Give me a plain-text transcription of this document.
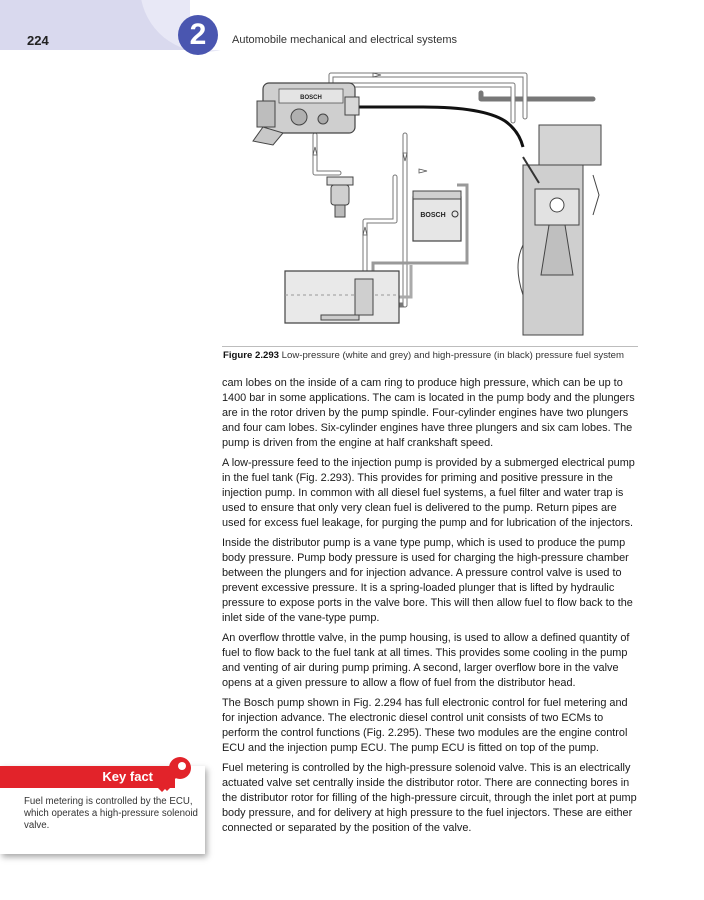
224	2	Automobile mechanical and electrical systems
BOSCH
BOSCH
Figure 2.293 Low-pressure (white and grey) and high-pressure (in black) pressure fuel system

cam lobes on the inside of a cam ring to produce high pressure, which can be up to 1400 bar in some applications. The cam is located in the pump body and the plungers are in the rotor driven by the pump spindle. Four-cylinder engines have two plungers and four cam lobes. Six-cylinder engines have three plungers and six cam lobes. The pump is driven from the engine at half crankshaft speed.

A low-pressure feed to the injection pump is provided by a submerged electrical pump in the fuel tank (Fig. 2.293). This provides for priming and positive pressure in the injection pump. In common with all diesel fuel systems, a fuel filter and water trap is used to ensure that only very clean fuel is delivered to the pump. Return pipes are used for excess fuel leakage, for purging the pump and for lubrication of the injectors.

Inside the distributor pump is a vane type pump, which is used to produce the pump body pressure. Pump body pressure is used for charging the high-pressure chamber between the plungers and for injection advance. A pressure control valve is used to prevent excessive pressure. It is a spring-loaded plunger that is lifted by hydraulic pressure to expose ports in the valve bore. This will then allow fuel to flow back to the inlet side of the vane-type pump.

An overflow throttle valve, in the pump housing, is used to allow a defined quantity of fuel to flow back to the fuel tank at all times. This provides some cooling in the pump and venting of air during pump priming. A second, larger overflow bore in the valve opens at a given pressure to allow a flow of fuel from the distributor head.

The Bosch pump shown in Fig. 2.294 has full electronic control for fuel metering and for injection advance. The electronic diesel control unit consists of two ECMs to perform the control functions (Fig. 2.295). These two modules are the engine control ECU and the injection pump ECU. The pump ECU is fitted on top of the pump.

Fuel metering is controlled by the high-pressure solenoid valve. This is an electrically actuated valve set centrally inside the distributor rotor. There are connecting bores in the distributor rotor for filling of the high-pressure circuit, through the inlet port at pump body pressure, and for delivery at high pressure to the fuel injectors. These are either connected or separated by the position of the valve.

Key fact
Fuel metering is controlled by the ECU, which operates a high-pressure solenoid valve.
